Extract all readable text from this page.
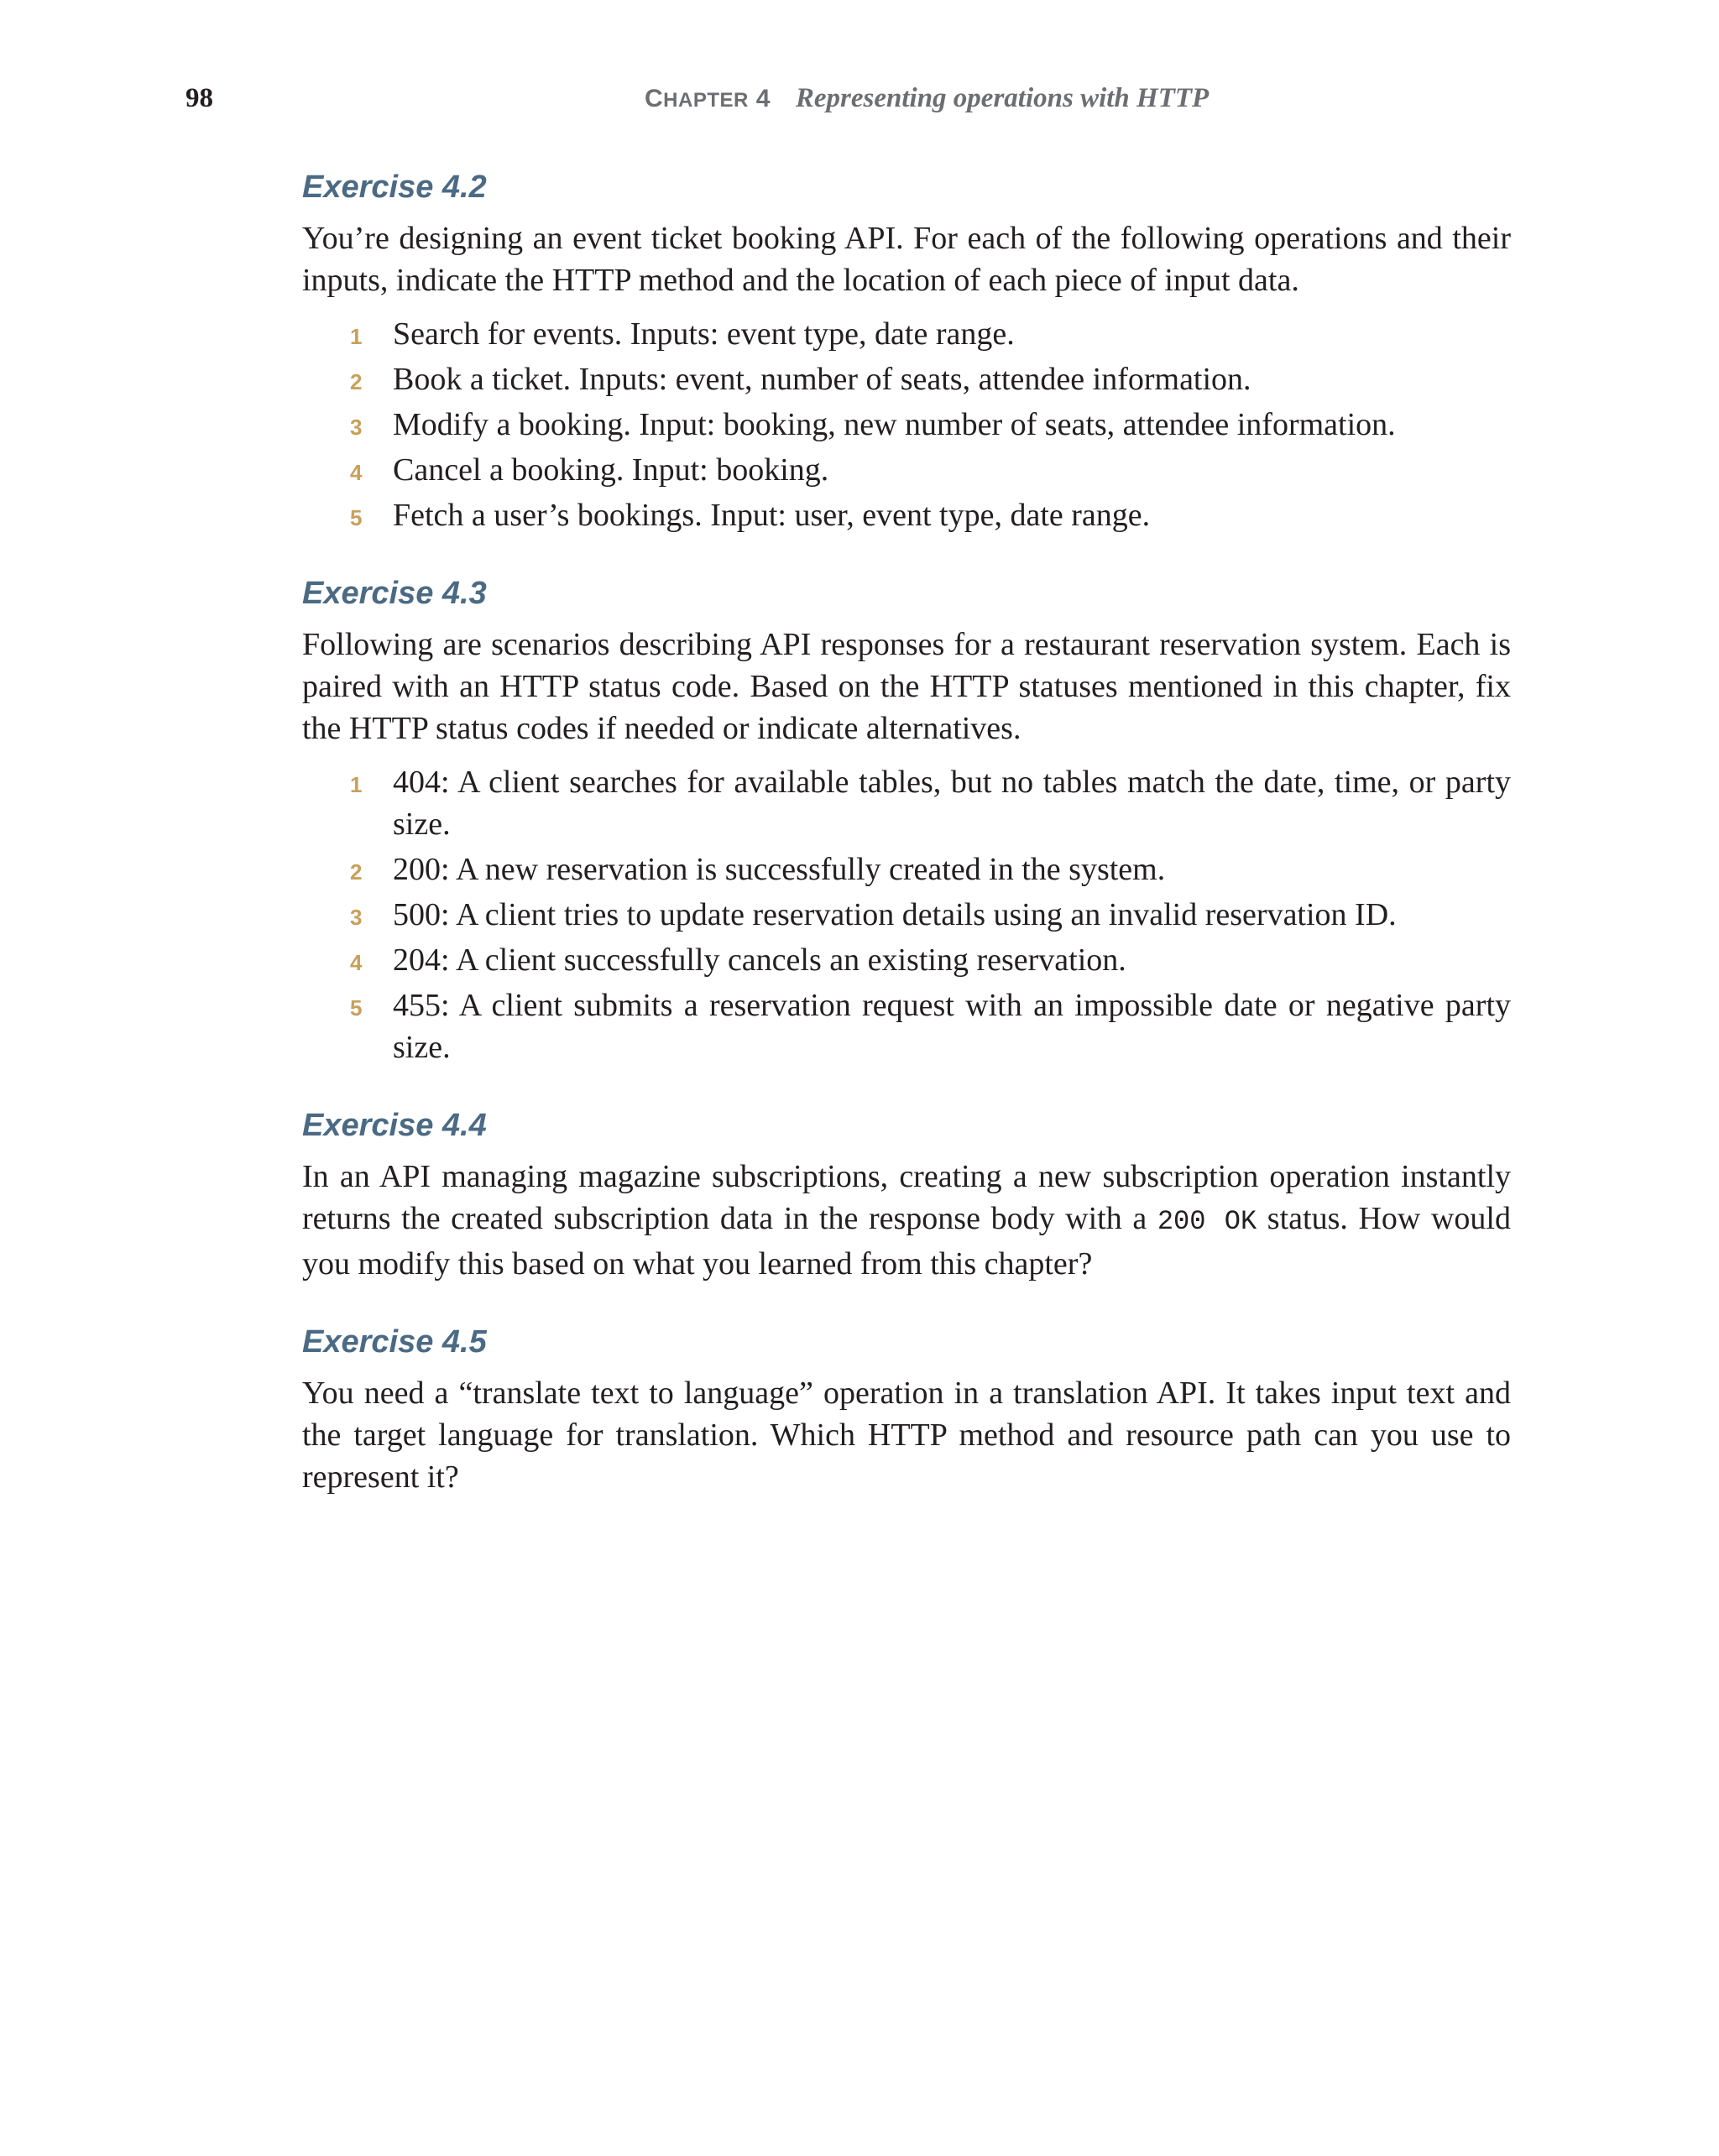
98	CHAPTER 4 Representing operations with HTTP
Exercise 4.2

You’re designing an event ticket booking API. For each of the following operations and their inputs, indicate the HTTP method and the location of each piece of input data.

1 Search for events. Inputs: event type, date range.
2 Book a ticket. Inputs: event, number of seats, attendee information.
3 Modify a booking. Input: booking, new number of seats, attendee information.
4 Cancel a booking. Input: booking.
5 Fetch a user’s bookings. Input: user, event type, date range.
Exercise 4.3

Following are scenarios describing API responses for a restaurant reservation system. Each is paired with an HTTP status code. Based on the HTTP statuses mentioned in this chapter, fix the HTTP status codes if needed or indicate alternatives.

1 404: A client searches for available tables, but no tables match the date, time, or party size.
2 200: A new reservation is successfully created in the system.
3 500: A client tries to update reservation details using an invalid reservation ID.
4 204: A client successfully cancels an existing reservation.
5 455: A client submits a reservation request with an impossible date or negative party size.
Exercise 4.4

In an API managing magazine subscriptions, creating a new subscription operation instantly returns the created subscription data in the response body with a 200 OK status. How would you modify this based on what you learned from this chapter?

Exercise 4.5

You need a “translate text to language” operation in a translation API. It takes input text and the target language for translation. Which HTTP method and resource path can you use to represent it?
